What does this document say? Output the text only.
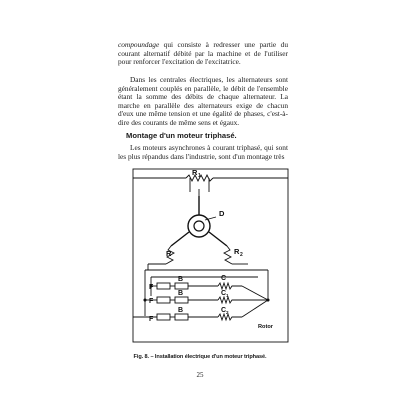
compoundage qui consiste à redresser une partie du courant alternatif débité par la machine et de l'utiliser pour renforcer l'excitation de l'excitatrice.

Dans les centrales électriques, les alternateurs sont généralement couplés en parallèle, le débit de l'ensemble étant la somme des débits de chaque alternateur. La marche en parallèle des alternateurs exige de chacun d'eux une même tension et une égalité de phases, c'est-à-dire des courants de même sens et égaux.

Montage d'un moteur triphasé.

Les moteurs asynchrones à courant triphasé, qui sont les plus répandus dans l'industrie, sont d'un montage très

R 1
D
R	R 2
F
F
F
B
B
B
C
C 1
C 2
Rotor
Fig. 8. – Installation électrique d'un moteur triphasé.
25
